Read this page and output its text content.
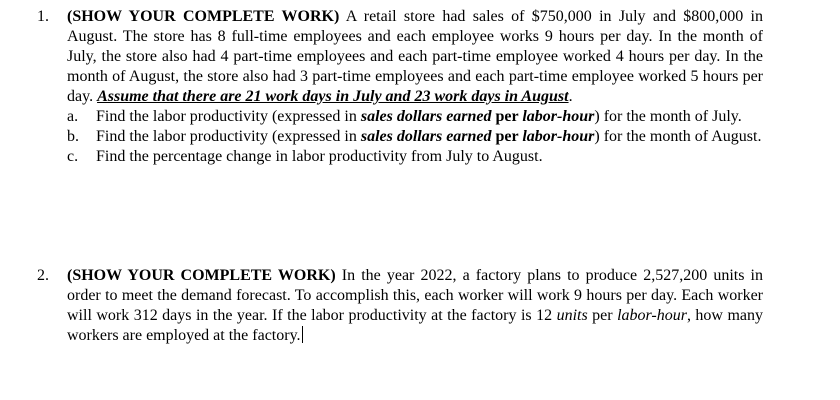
1.	(SHOW YOUR COMPLETE WORK) A retail store had sales of $750,000 in July and $800,000 in August. The store has 8 full-time employees and each employee works 9 hours per day. In the month of July, the store also had 4 part-time employees and each part-time employee worked 4 hours per day. In the month of August, the store also had 3 part-time employees and each part-time employee worked 5 hours per day. Assume that there are 21 work days in July and 23 work days in August.
a. Find the labor productivity (expressed in sales dollars earned per labor-hour) for the month of July.
b. Find the labor productivity (expressed in sales dollars earned per labor-hour) for the month of August.
c. Find the percentage change in labor productivity from July to August.
2.	(SHOW YOUR COMPLETE WORK) In the year 2022, a factory plans to produce 2,527,200 units in order to meet the demand forecast. To accomplish this, each worker will work 9 hours per day. Each worker will work 312 days in the year. If the labor productivity at the factory is 12 units per labor-hour, how many workers are employed at the factory.
